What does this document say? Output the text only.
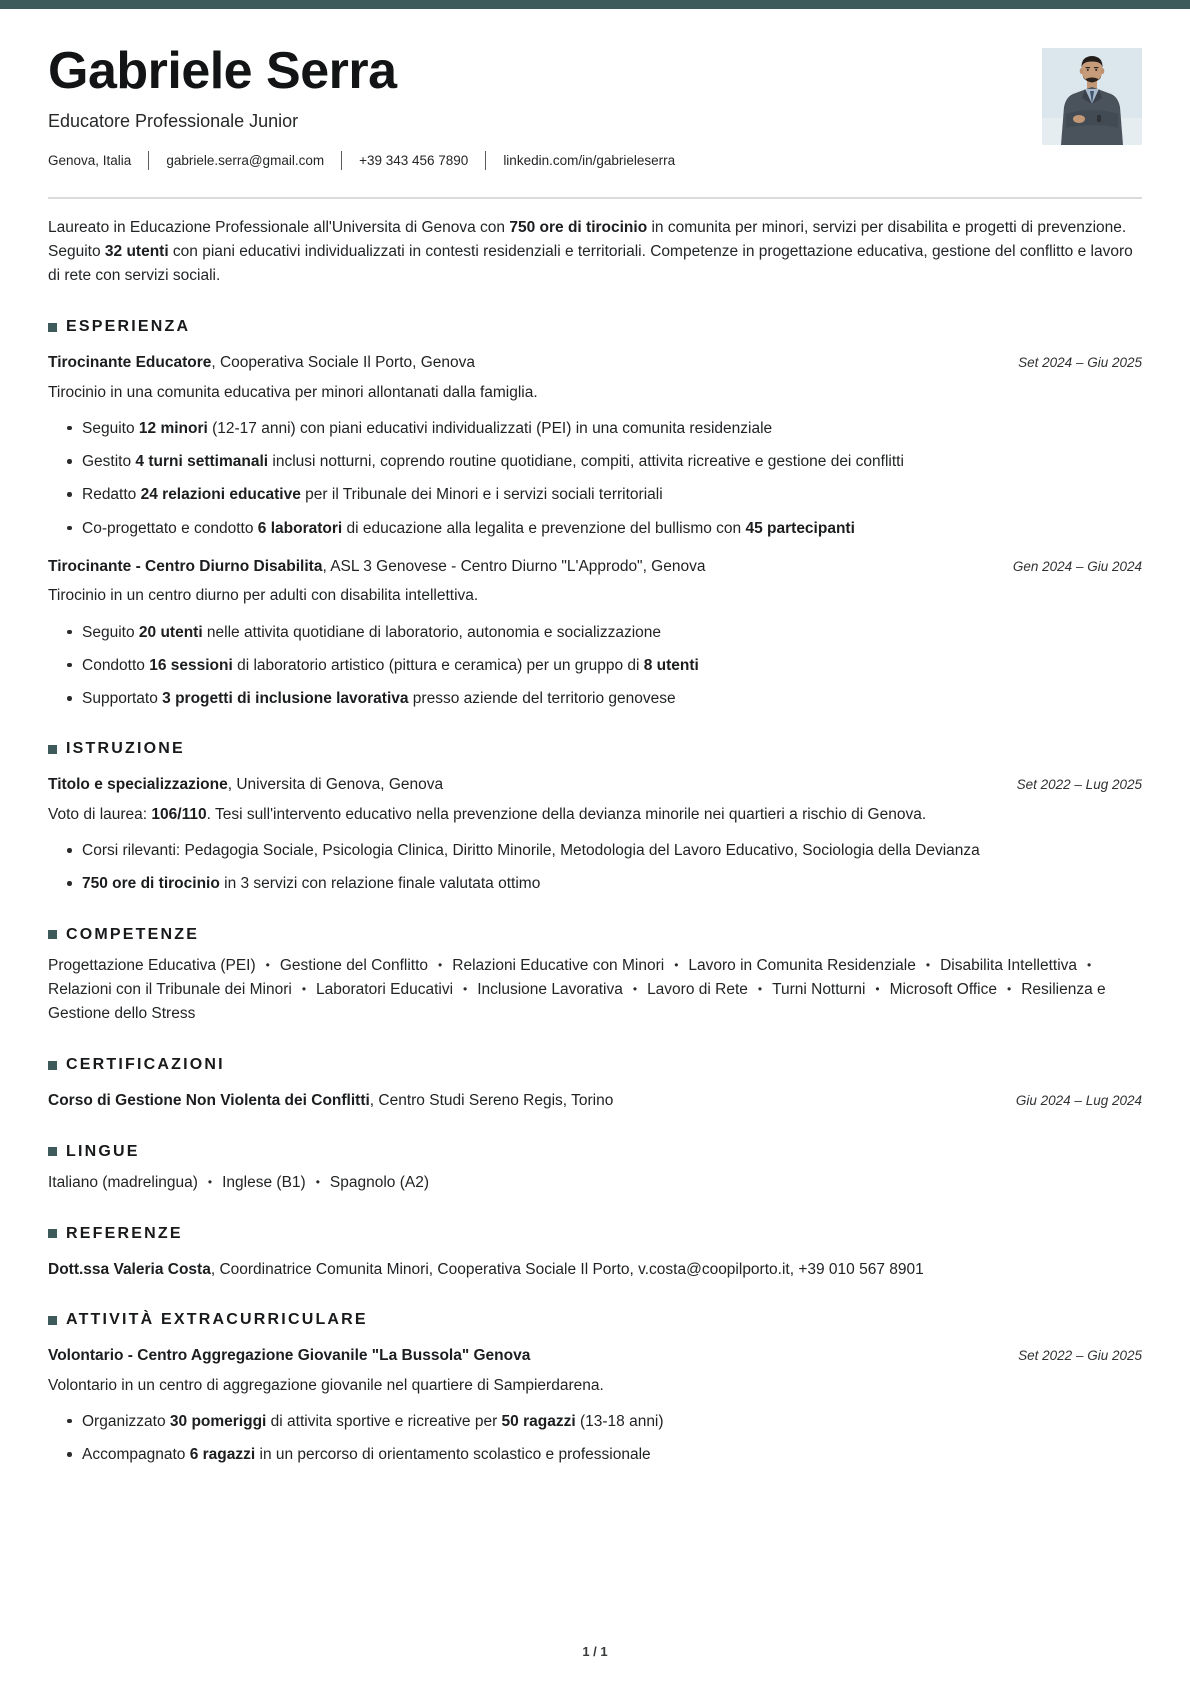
Gabriele Serra
Educatore Professionale Junior
Genova, Italia	gabriele.serra@gmail.com	+39 343 456 7890	linkedin.com/in/gabrieleserra
Laureato in Educazione Professionale all'Universita di Genova con 750 ore di tirocinio in comunita per minori, servizi per disabilita e progetti di prevenzione. Seguito 32 utenti con piani educativi individualizzati in contesti residenziali e territoriali. Competenze in progettazione educativa, gestione del conflitto e lavoro di rete con servizi sociali.
ESPERIENZA
Tirocinante Educatore, Cooperativa Sociale Il Porto, Genova	Set 2024 – Giu 2025
Tirocinio in una comunita educativa per minori allontanati dalla famiglia.
Seguito 12 minori (12-17 anni) con piani educativi individualizzati (PEI) in una comunita residenziale
Gestito 4 turni settimanali inclusi notturni, coprendo routine quotidiane, compiti, attivita ricreative e gestione dei conflitti
Redatto 24 relazioni educative per il Tribunale dei Minori e i servizi sociali territoriali
Co-progettato e condotto 6 laboratori di educazione alla legalita e prevenzione del bullismo con 45 partecipanti
Tirocinante - Centro Diurno Disabilita, ASL 3 Genovese - Centro Diurno "L'Approdo", Genova	Gen 2024 – Giu 2024
Tirocinio in un centro diurno per adulti con disabilita intellettiva.
Seguito 20 utenti nelle attivita quotidiane di laboratorio, autonomia e socializzazione
Condotto 16 sessioni di laboratorio artistico (pittura e ceramica) per un gruppo di 8 utenti
Supportato 3 progetti di inclusione lavorativa presso aziende del territorio genovese
ISTRUZIONE
Titolo e specializzazione, Universita di Genova, Genova	Set 2022 – Lug 2025
Voto di laurea: 106/110. Tesi sull'intervento educativo nella prevenzione della devianza minorile nei quartieri a rischio di Genova.
Corsi rilevanti: Pedagogia Sociale, Psicologia Clinica, Diritto Minorile, Metodologia del Lavoro Educativo, Sociologia della Devianza
750 ore di tirocinio in 3 servizi con relazione finale valutata ottimo
COMPETENZE
Progettazione Educativa (PEI) • Gestione del Conflitto • Relazioni Educative con Minori • Lavoro in Comunita Residenziale • Disabilita Intellettiva •Relazioni con il Tribunale dei Minori • Laboratori Educativi • Inclusione Lavorativa • Lavoro di Rete • Turni Notturni • Microsoft Office • Resilienza e Gestione dello Stress
CERTIFICAZIONI
Corso di Gestione Non Violenta dei Conflitti, Centro Studi Sereno Regis, Torino	Giu 2024 – Lug 2024
LINGUE
Italiano (madrelingua) • Inglese (B1) • Spagnolo (A2)
REFERENZE
Dott.ssa Valeria Costa, Coordinatrice Comunita Minori, Cooperativa Sociale Il Porto, v.costa@coopilporto.it, +39 010 567 8901
ATTIVITÀ EXTRACURRICULARE
Volontario - Centro Aggregazione Giovanile "La Bussola" Genova	Set 2022 – Giu 2025
Volontario in un centro di aggregazione giovanile nel quartiere di Sampierdarena.
Organizzato 30 pomeriggi di attivita sportive e ricreative per 50 ragazzi (13-18 anni)
Accompagnato 6 ragazzi in un percorso di orientamento scolastico e professionale
1 / 1
